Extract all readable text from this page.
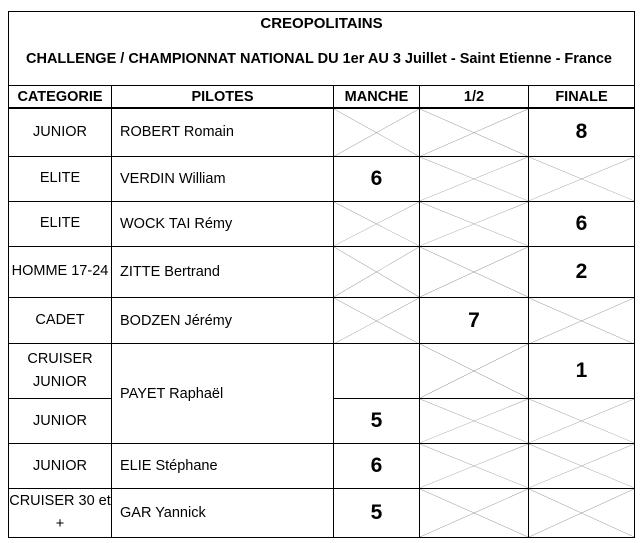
CREOPOLITAINS				

CHALLENGE / CHAMPIONNAT NATIONAL DU 1er AU 3 Juillet - Saint Etienne - France				

CATEGORIE	PILOTES	MANCHE	1/2	FINALE
JUNIOR	ROBERT Romain			8
ELITE	VERDIN William	6	

ELITE	WOCK TAI Rémy			6
HOMME 17-24	ZITTE Bertrand			2
CADET	BODZEN Jérémy		7	

CRUISER JUNIOR	PAYET Raphaël			1
JUNIOR		5	

JUNIOR	ELIE Stéphane	6	

CRUISER 30 et +	GAR Yannick	5	
